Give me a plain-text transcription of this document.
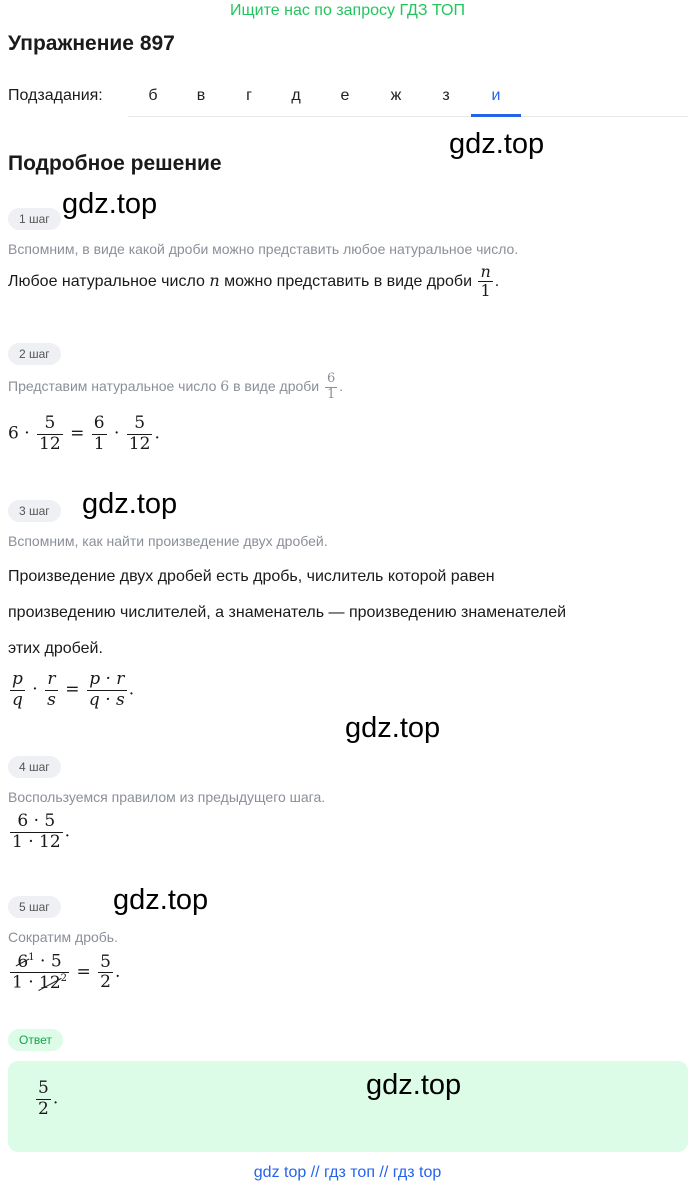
Ищите нас по запросу ГДЗ ТОП
Упражнение 897
Подзадания:	б	в	г	д	е	ж	з	и
gdz.top
Подробное решение
1 шаг gdz.top
Вспомним, в виде какой дроби можно представить любое натуральное число.
Любое натуральное число n можно представить в виде дроби $\frac{n}{1}$ .
2 шаг
Представим натуральное число 6 в виде дроби $\frac{6}{1}$ .
$6 \cdot \frac{5}{12} = \frac{6}{1} \cdot \frac{5}{12}$ .
3 шаг	gdz.top
Вспомним, как найти произведение двух дробей.
Произведение двух дробей есть дробь, числитель которой равен
произведению числителей, а знаменатель — произведению знаменателей
этих дробей.
$\frac{p}{q} \cdot \frac{r}{s} = \frac{p \cdot r}{q \cdot s}$ .
gdz.top
4 шаг
Воспользуемся правилом из предыдущего шага.
$\frac{6 \cdot 5}{1 \cdot 12}$ .
5 шаг	gdz.top
Сократим дробь.
$\frac{6^1 \cdot 5}{1 \cdot 12^2} = \frac{5}{2}$ .
Ответ
$\frac{5}{2}$ .	gdz.top
gdz top // гдз топ // гдз top
